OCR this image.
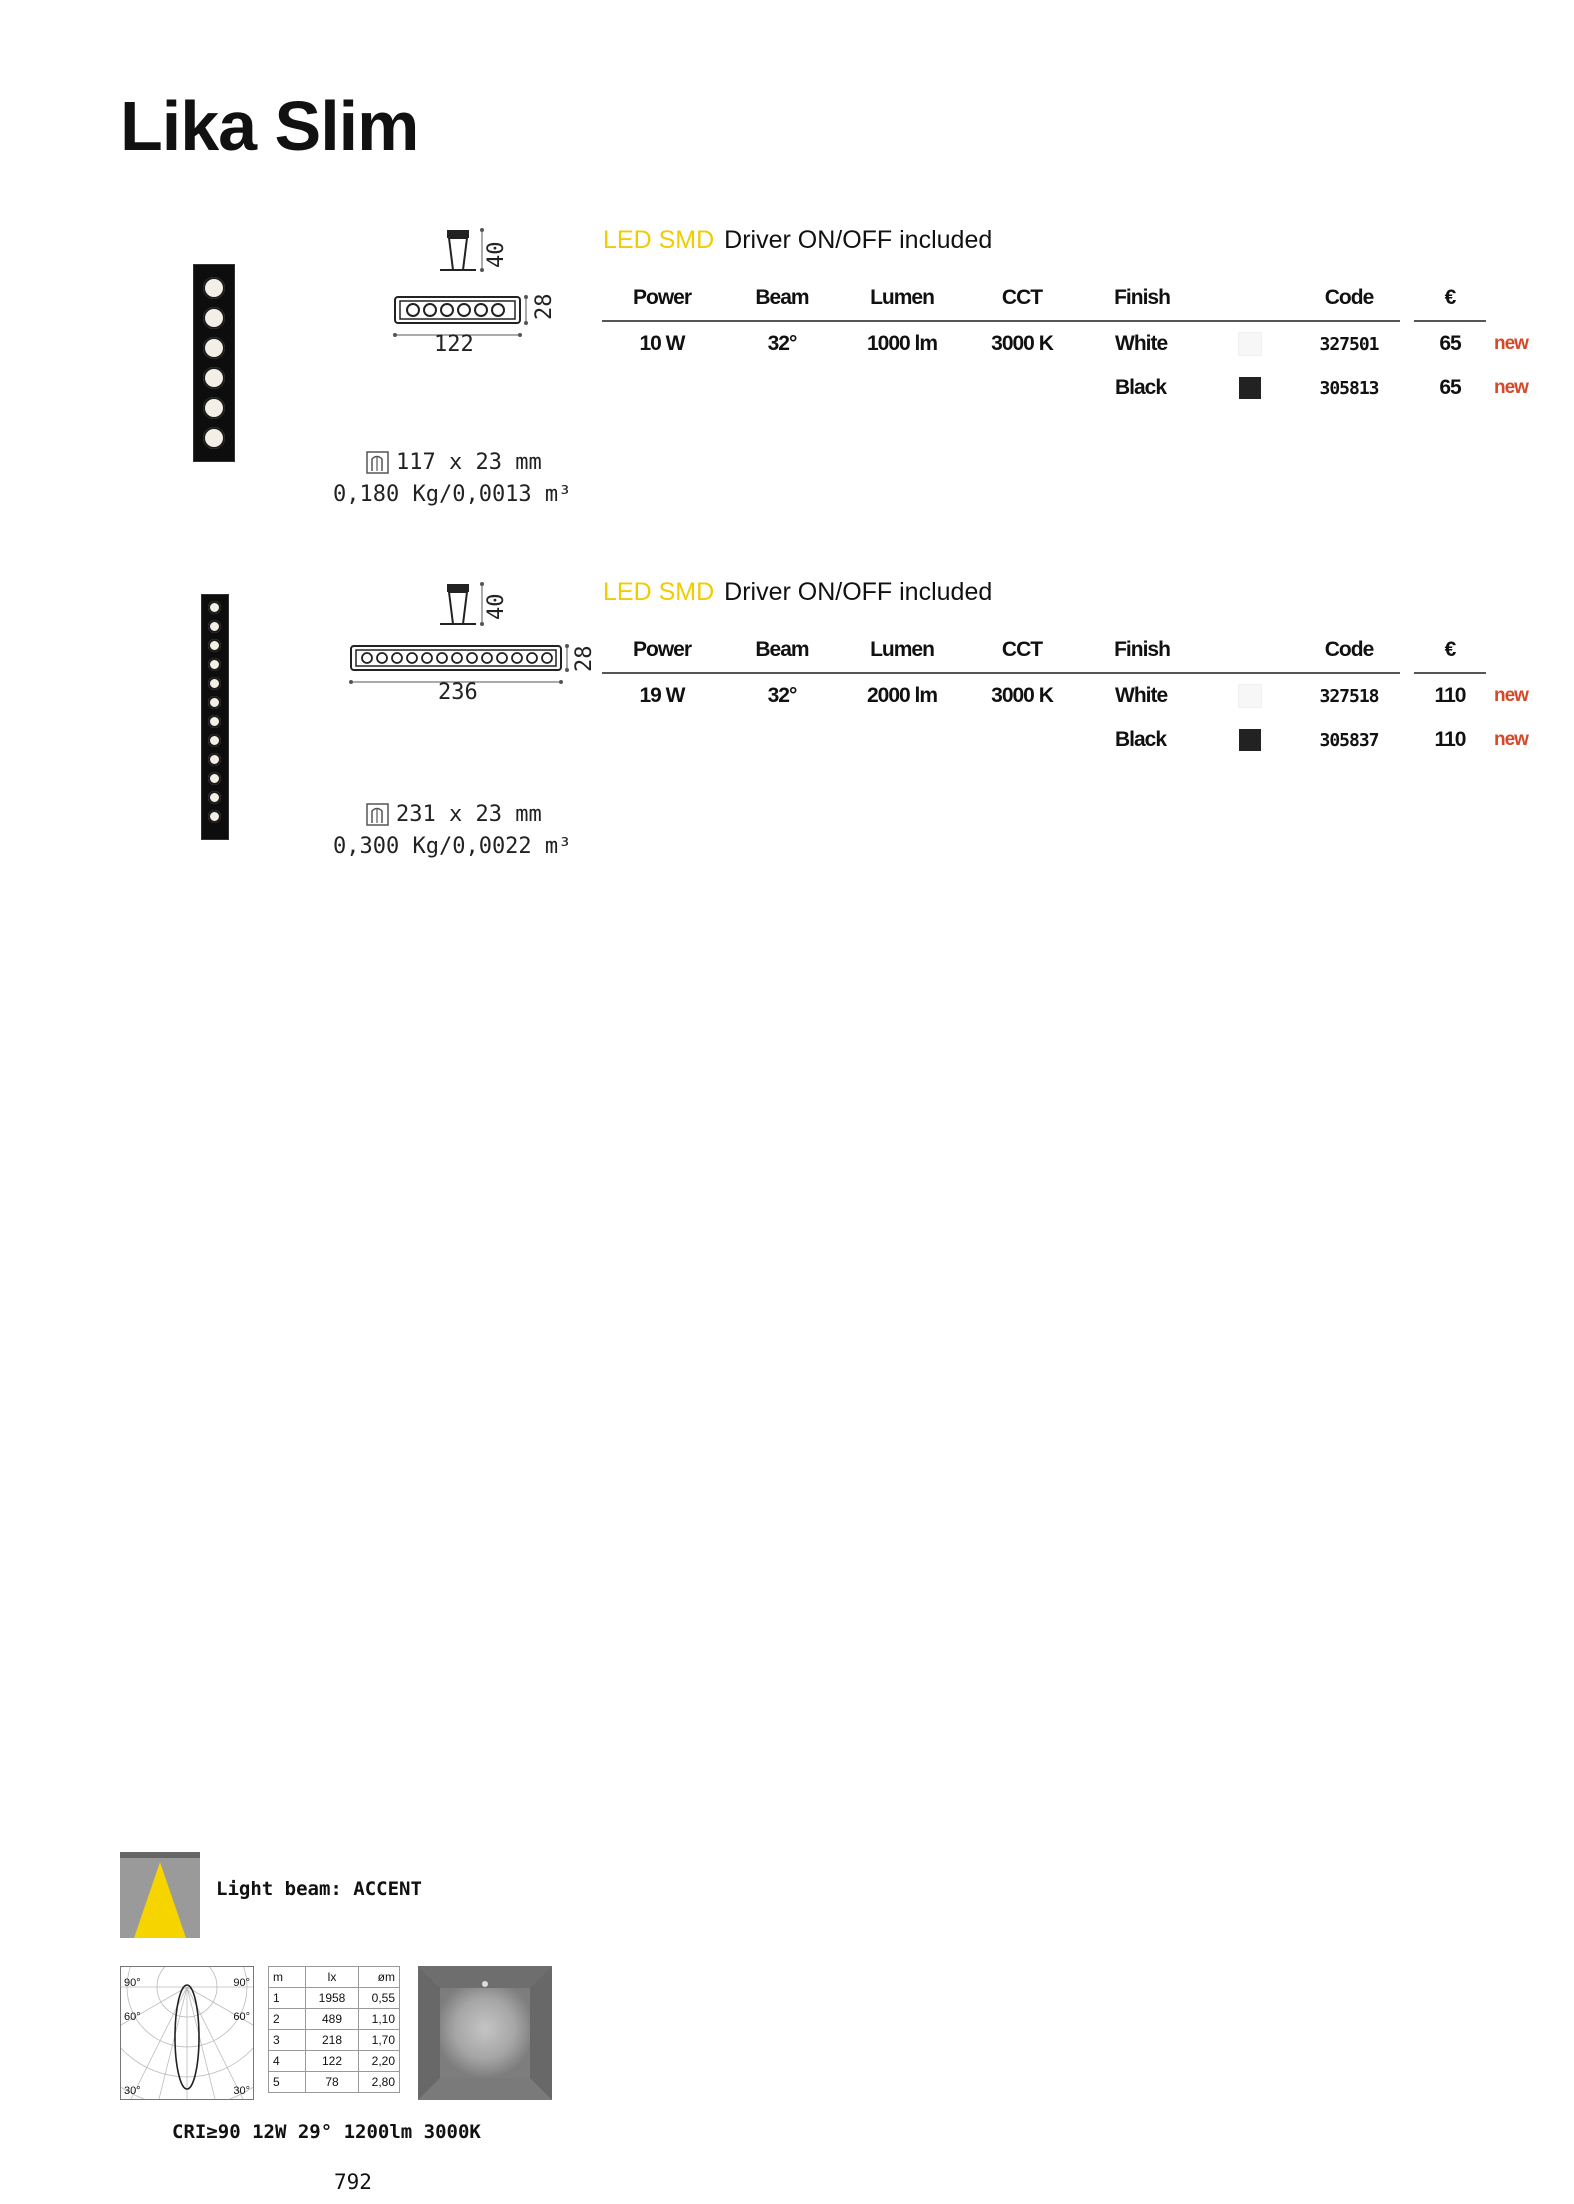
Lika Slim
40
28
122
117 x 23 mm
0,180 Kg/0,0013 m³
LED SMD Driver ON/OFF included
Power	Beam	Lumen	CCT	Finish		Code		€	
10 W	32°	1000 lm	3000 K	White		327501		65	new
				Black		305813		65	new
40
28
236
231 x 23 mm
0,300 Kg/0,0022 m³
LED SMD Driver ON/OFF included
Power	Beam	Lumen	CCT	Finish		Code		€	
19 W	32°	2000 lm	3000 K	White		327518		110	new
				Black		305837		110	new
Light beam: ACCENT
90°	90°
60°	60°
30°	30°
m	lx	øm
1	1958	0,55
2	489	1,10
3	218	1,70
4	122	2,20
5	78	2,80
CRI≥90 12W 29° 1200lm 3000K
792
